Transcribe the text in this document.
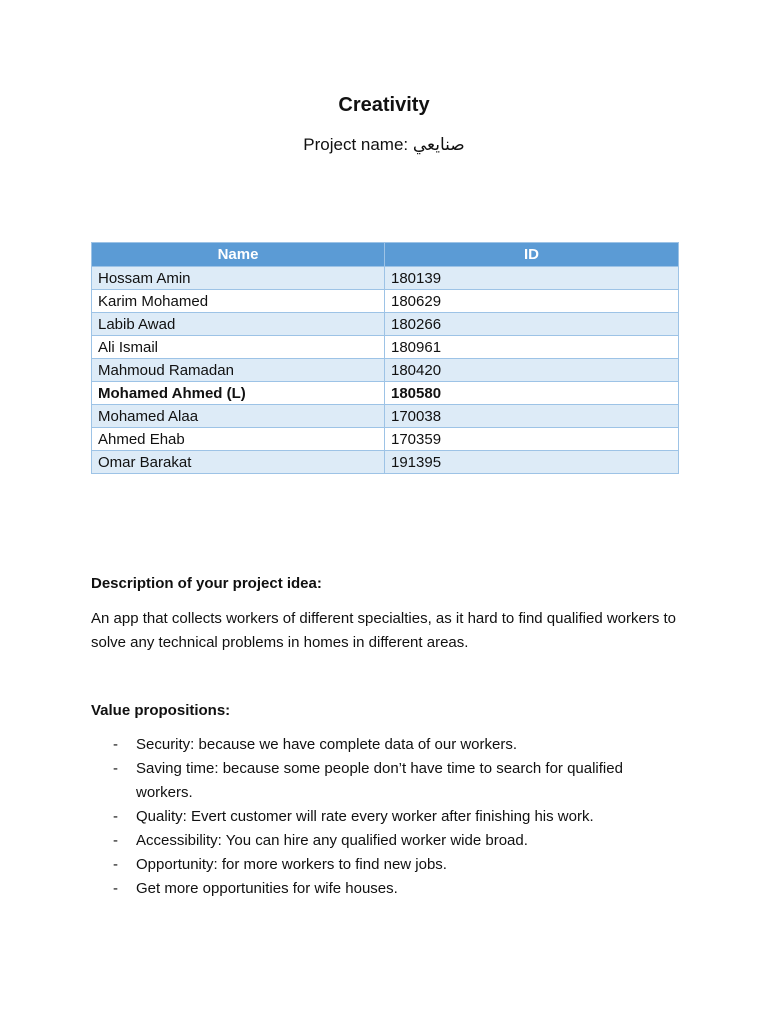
Creativity
Project name: صنايعي
Name	ID
Hossam Amin	180139
Karim Mohamed	180629
Labib Awad	180266
Ali Ismail	180961
Mahmoud Ramadan	180420
Mohamed Ahmed (L)	180580
Mohamed Alaa	170038
Ahmed Ehab	170359
Omar Barakat	191395
Description of your project idea:
An app that collects workers of different specialties, as it hard to find qualified workers to solve any technical problems in homes in different areas.
Value propositions:
- Security: because we have complete data of our workers.
- Saving time: because some people don’t have time to search for qualified workers.
- Quality: Evert customer will rate every worker after finishing his work.
- Accessibility: You can hire any qualified worker wide broad.
- Opportunity: for more workers to find new jobs.
- Get more opportunities for wife houses.
